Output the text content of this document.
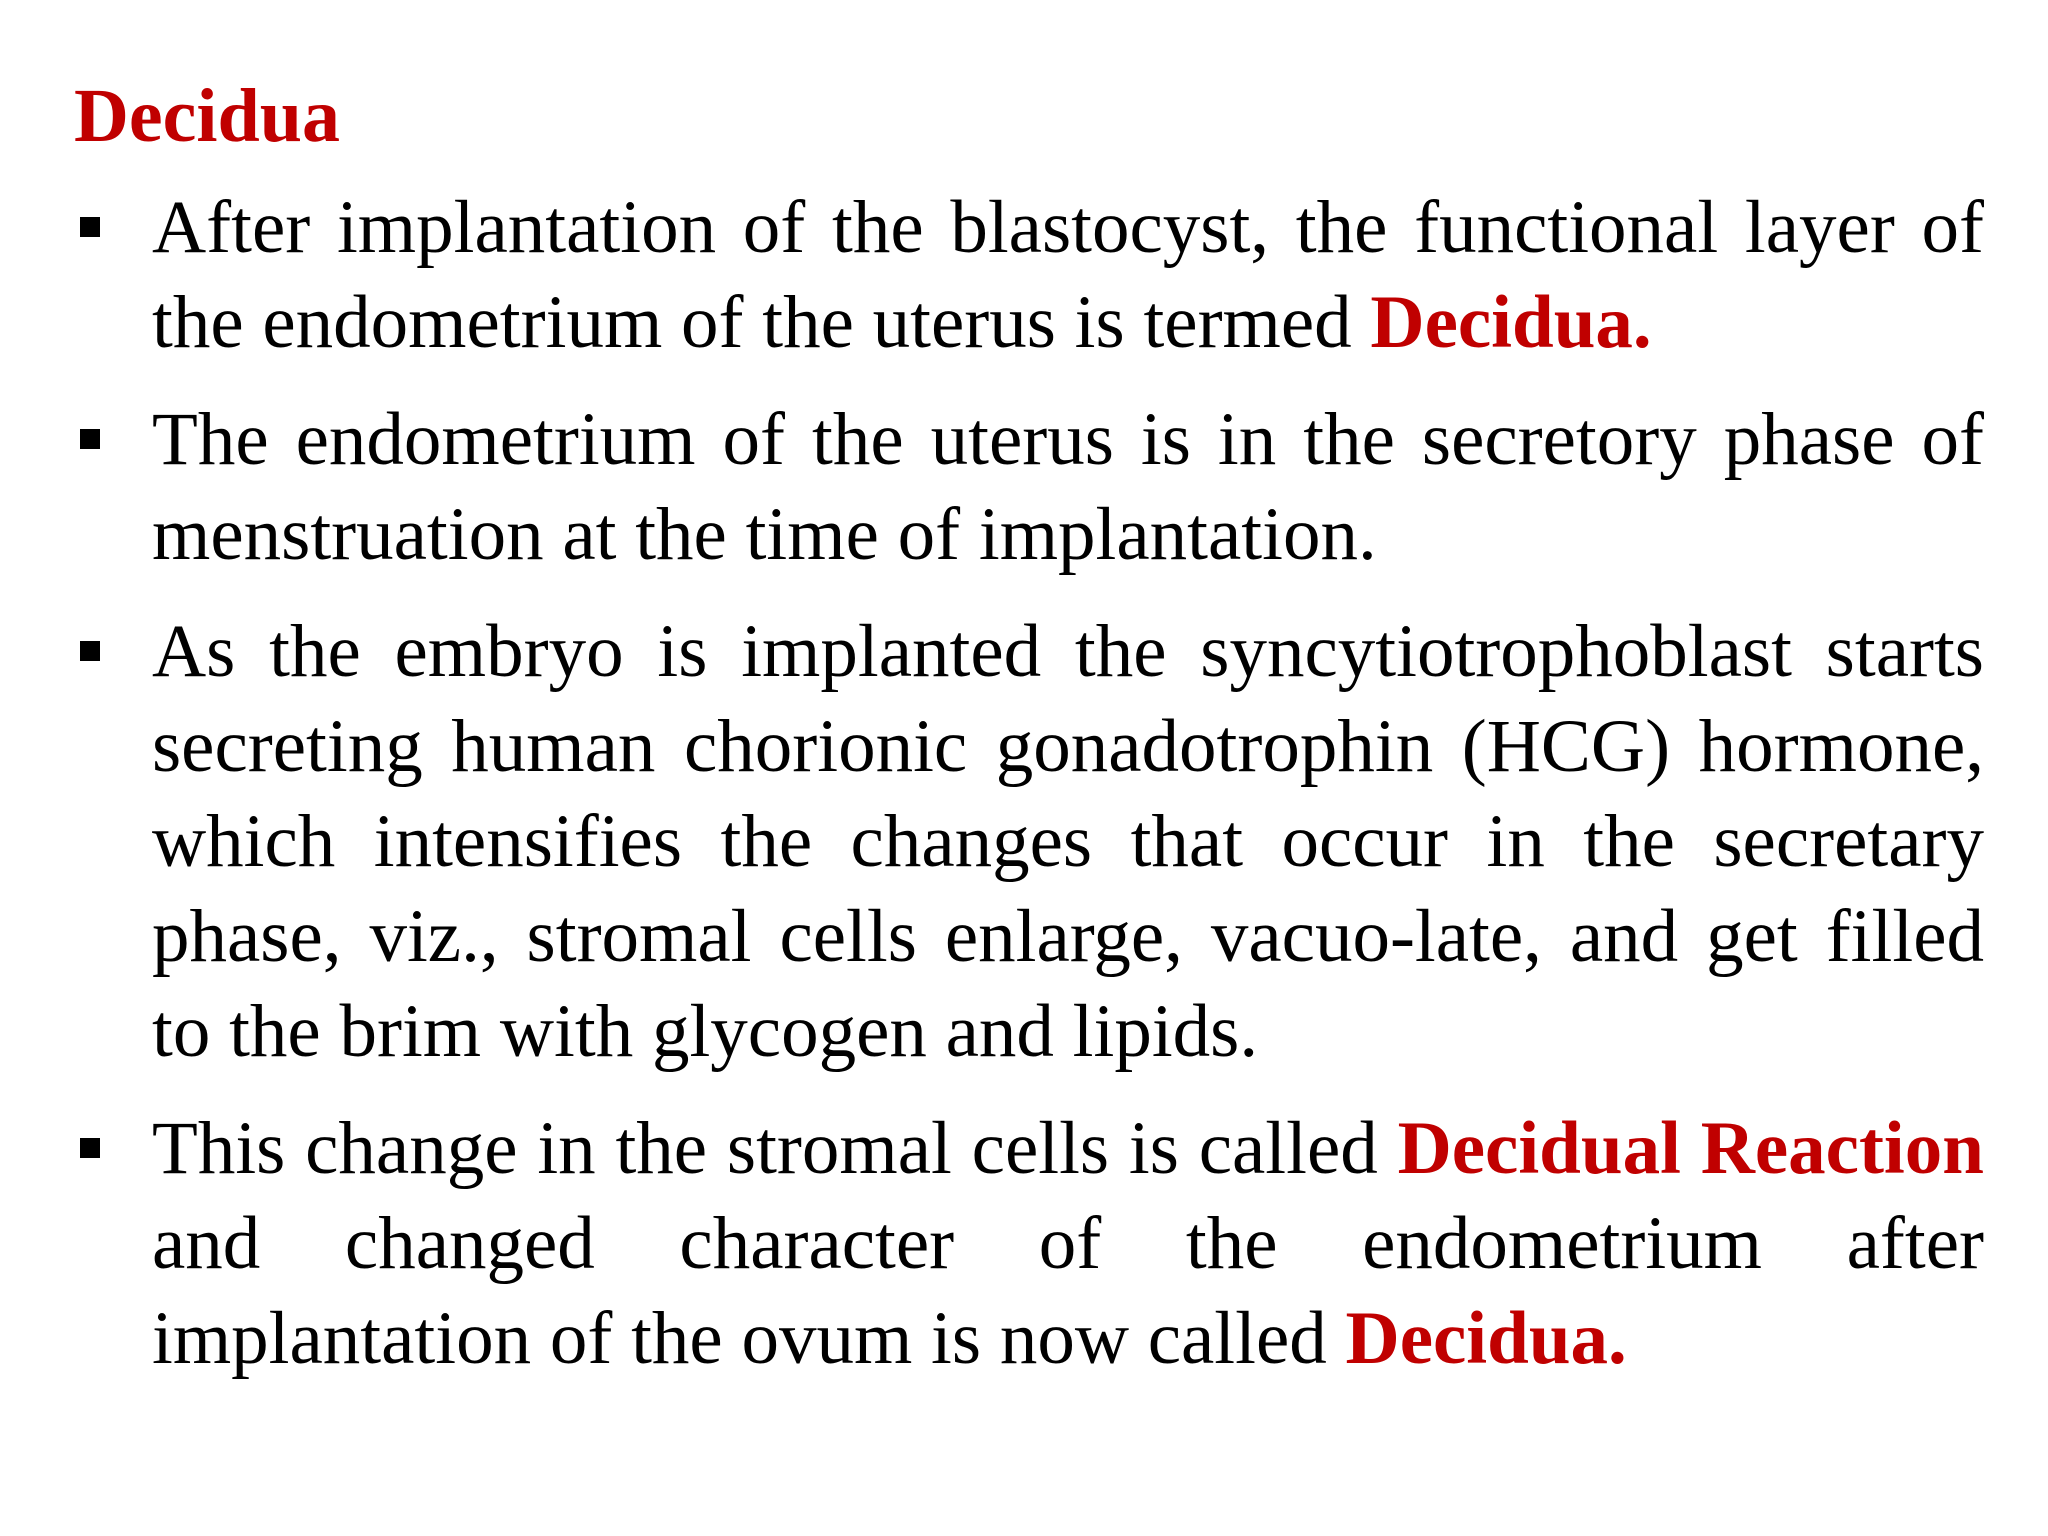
Decidua
After implantation of the blastocyst, the functional layer of the endometrium of the uterus is termed Decidua.
The endometrium of the uterus is in the secretory phase of menstruation at the time of implantation.
As the embryo is implanted the syncytiotrophoblast starts secreting human chorionic gonadotrophin (HCG) hormone, which intensifies the changes that occur in the secretary phase, viz., stromal cells enlarge, vacuo-late, and get filled to the brim with glycogen and lipids.
This change in the stromal cells is called Decidual Reaction and changed character of the endometrium after implantation of the ovum is now called Decidua.
